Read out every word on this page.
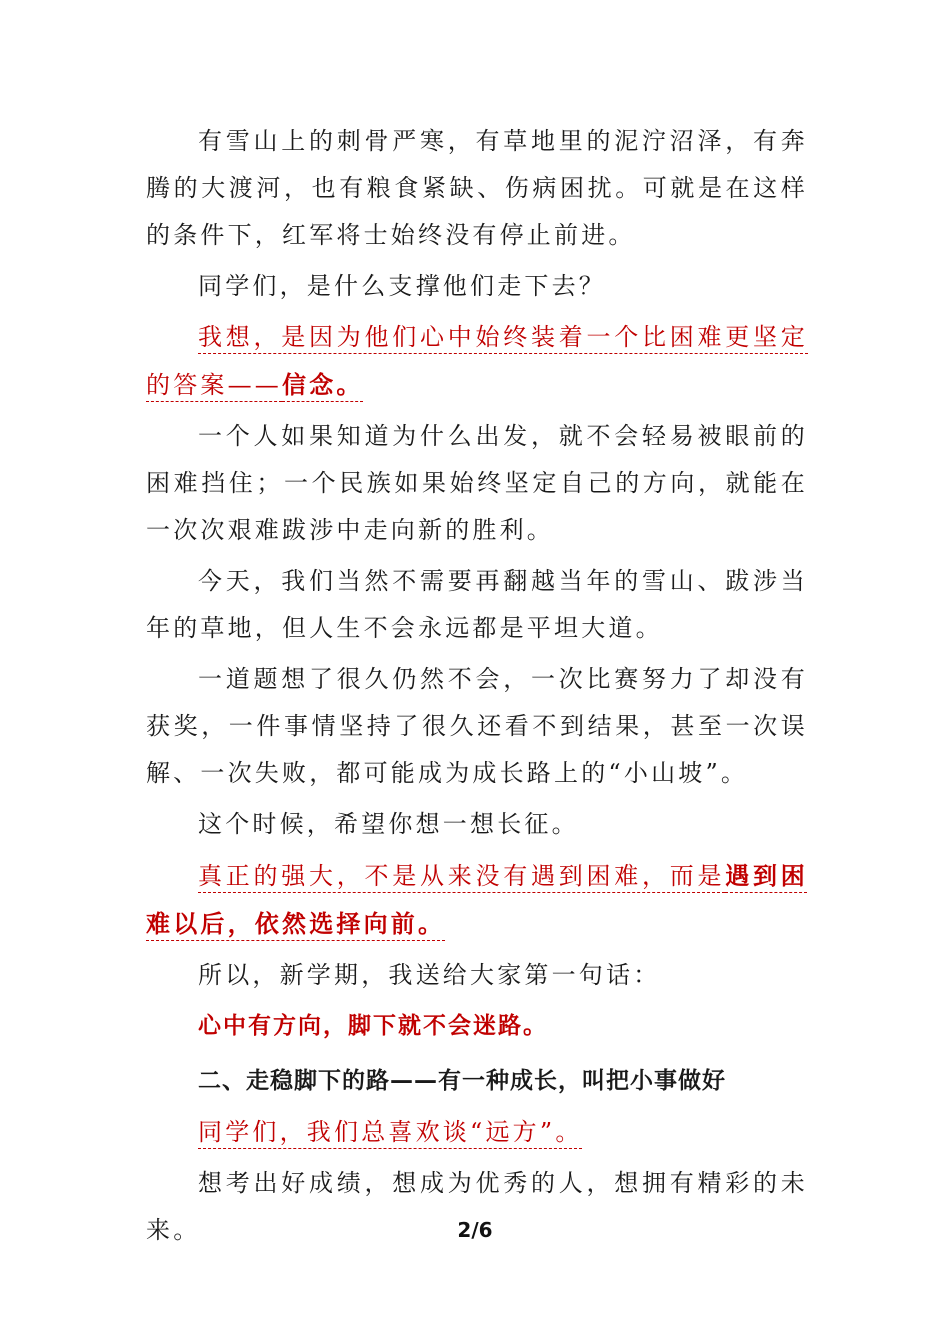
有雪山上的刺骨严寒，有草地里的泥泞沼泽，有奔腾的大渡河，也有粮食紧缺、伤病困扰。可就是在这样的条件下，红军将士始终没有停止前进。

同学们，是什么支撑他们走下去？

我想，是因为他们心中始终装着一个比困难更坚定的答案——信念。

一个人如果知道为什么出发，就不会轻易被眼前的困难挡住；一个民族如果始终坚定自己的方向，就能在一次次艰难跋涉中走向新的胜利。

今天，我们当然不需要再翻越当年的雪山、跋涉当年的草地，但人生不会永远都是平坦大道。

一道题想了很久仍然不会，一次比赛努力了却没有获奖，一件事情坚持了很久还看不到结果，甚至一次误解、一次失败，都可能成为成长路上的“小山坡”。

这个时候，希望你想一想长征。

真正的强大，不是从来没有遇到困难，而是遇到困难以后，依然选择向前。

所以，新学期，我送给大家第一句话：

心中有方向，脚下就不会迷路。

二、走稳脚下的路——有一种成长，叫把小事做好

同学们，我们总喜欢谈“远方”。

想考出好成绩，想成为优秀的人，想拥有精彩的未来。	2/6
